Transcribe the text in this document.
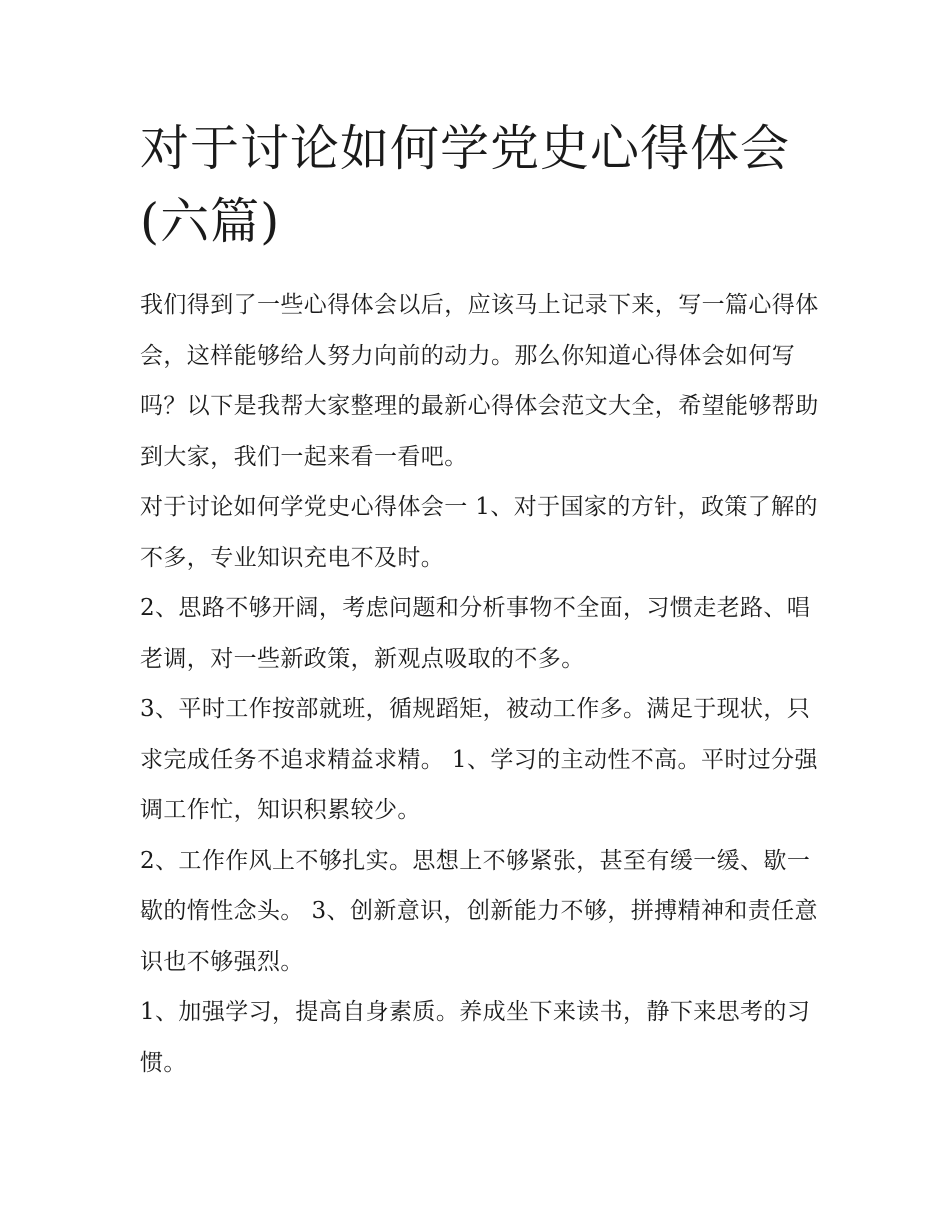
对于讨论如何学党史心得体会(六篇)

我们得到了一些心得体会以后，应该马上记录下来，写一篇心得体会，这样能够给人努力向前的动力。那么你知道心得体会如何写吗？以下是我帮大家整理的最新心得体会范文大全，希望能够帮助到大家，我们一起来看一看吧。

对于讨论如何学党史心得体会一 1、对于国家的方针，政策了解的不多，专业知识充电不及时。

2、思路不够开阔，考虑问题和分析事物不全面，习惯走老路、唱老调，对一些新政策，新观点吸取的不多。

3、平时工作按部就班，循规蹈矩，被动工作多。满足于现状，只求完成任务不追求精益求精。 1、学习的主动性不高。平时过分强调工作忙，知识积累较少。

2、工作作风上不够扎实。思想上不够紧张，甚至有缓一缓、歇一歇的惰性念头。 3、创新意识，创新能力不够，拼搏精神和责任意识也不够强烈。

1、加强学习，提高自身素质。养成坐下来读书，静下来思考的习惯。
